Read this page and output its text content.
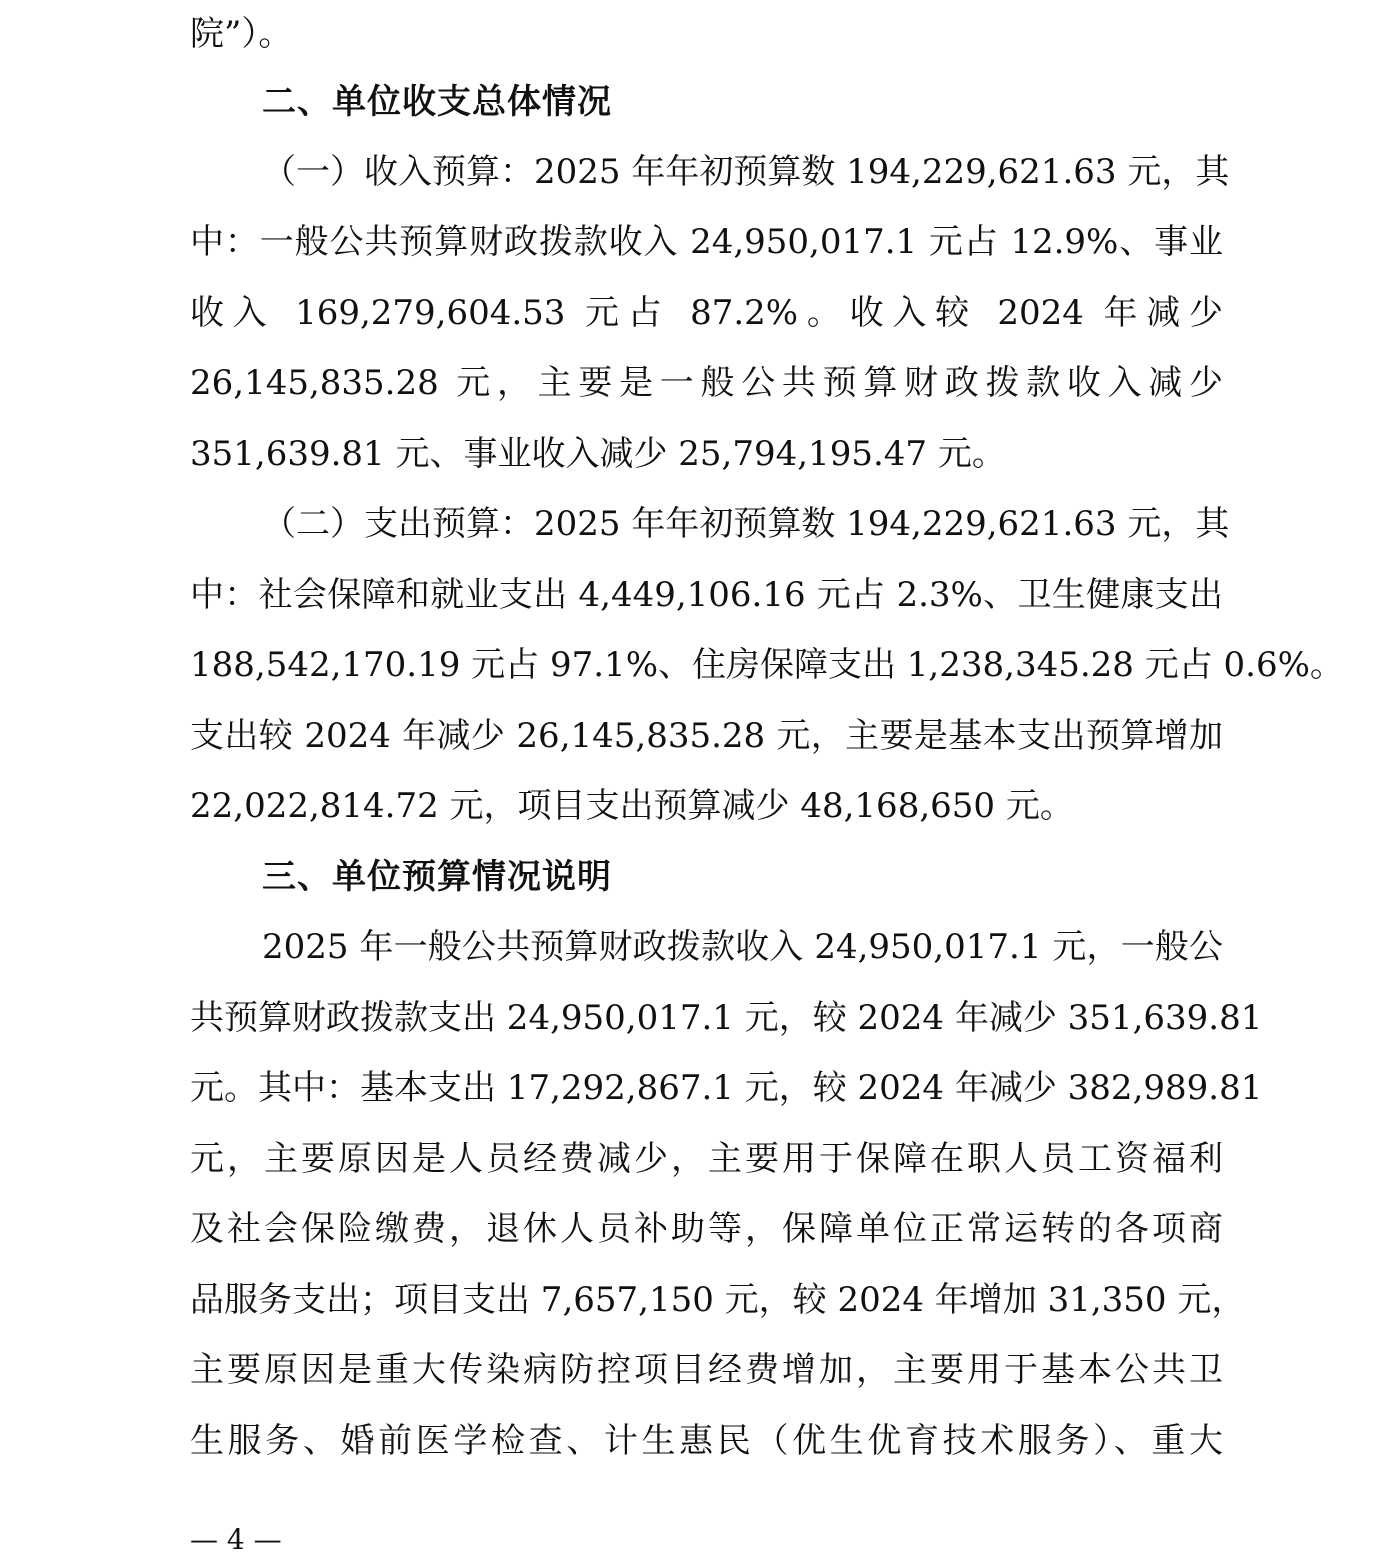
院”）。
二、单位收支总体情况
（一）收入预算：2025 年年初预算数 194,229,621.63 元，其
中：一般公共预算财政拨款收入 24,950,017.1 元占 12.9%、事业
收入 169,279,604.53 元占 87.2%。收入较 2024 年减少
26,145,835.28 元，主要是一般公共预算财政拨款收入减少
351,639.81 元、事业收入减少 25,794,195.47 元。
（二）支出预算：2025 年年初预算数 194,229,621.63 元，其
中：社会保障和就业支出 4,449,106.16 元占 2.3%、卫生健康支出
188,542,170.19 元占 97.1%、住房保障支出 1,238,345.28 元占 0.6%。
支出较 2024 年减少 26,145,835.28 元，主要是基本支出预算增加
22,022,814.72 元，项目支出预算减少 48,168,650 元。
三、单位预算情况说明
2025 年一般公共预算财政拨款收入 24,950,017.1 元，一般公
共预算财政拨款支出 24,950,017.1 元，较 2024 年减少 351,639.81
元。其中：基本支出 17,292,867.1 元，较 2024 年减少 382,989.81
元，主要原因是人员经费减少，主要用于保障在职人员工资福利
及社会保险缴费，退休人员补助等，保障单位正常运转的各项商
品服务支出；项目支出 7,657,150 元，较 2024 年增加 31,350 元，
主要原因是重大传染病防控项目经费增加，主要用于基本公共卫
生服务、婚前医学检查、计生惠民（优生优育技术服务）、重大
— 4 —
